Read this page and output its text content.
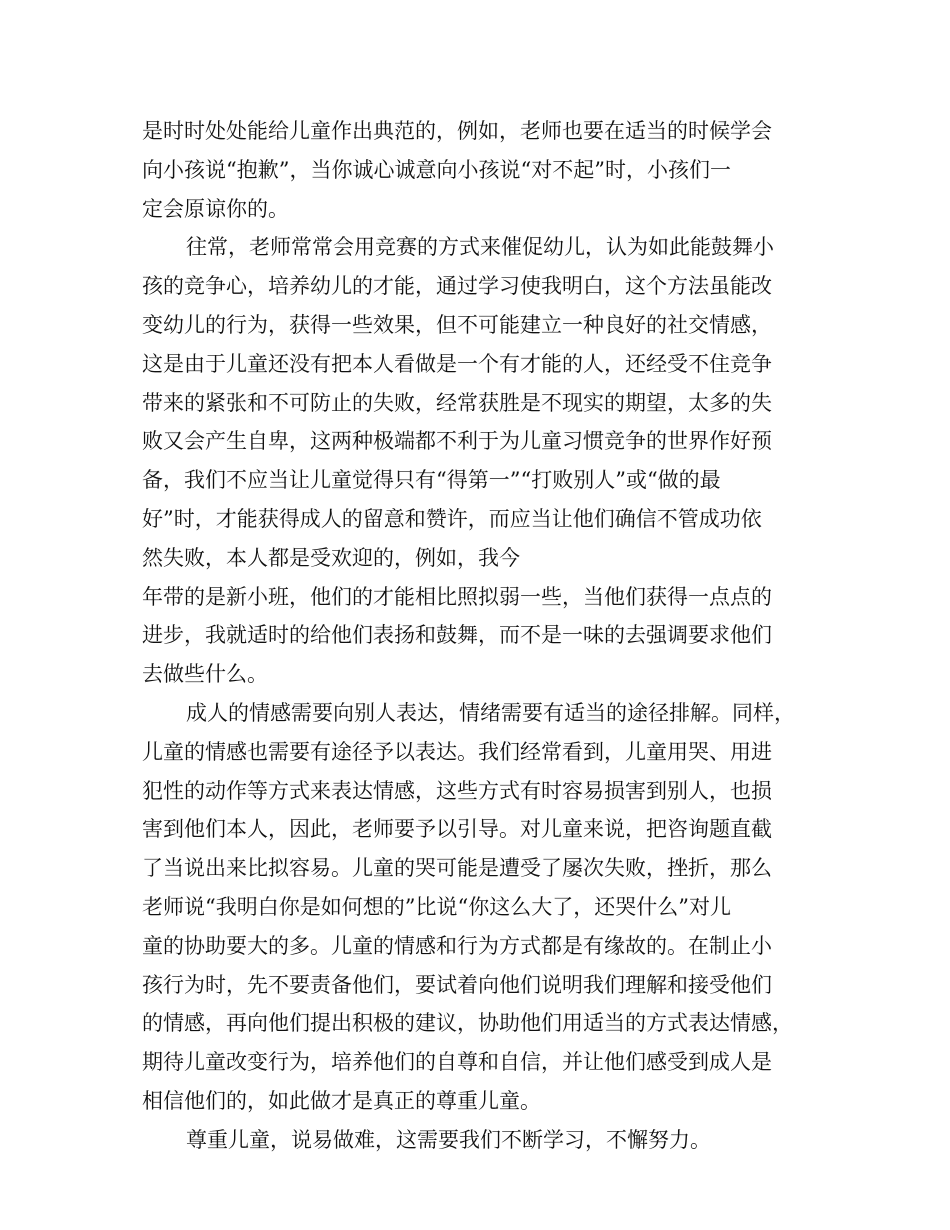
是时时处处能给儿童作出典范的，例如，老师也要在适当的时候学会
向小孩说“抱歉”，当你诚心诚意向小孩说“对不起”时，小孩们一
定会原谅你的。
往常，老师常常会用竞赛的方式来催促幼儿，认为如此能鼓舞小
孩的竞争心，培养幼儿的才能，通过学习使我明白，这个方法虽能改
变幼儿的行为，获得一些效果，但不可能建立一种良好的社交情感，
这是由于儿童还没有把本人看做是一个有才能的人，还经受不住竞争
带来的紧张和不可防止的失败，经常获胜是不现实的期望，太多的失
败又会产生自卑，这两种极端都不利于为儿童习惯竞争的世界作好预
备，我们不应当让儿童觉得只有“得第一”“打败别人”或“做的最
好”时，才能获得成人的留意和赞许，而应当让他们确信不管成功依
然失败，本人都是受欢迎的，例如，我今
年带的是新小班，他们的才能相比照拟弱一些，当他们获得一点点的
进步，我就适时的给他们表扬和鼓舞，而不是一味的去强调要求他们
去做些什么。
成人的情感需要向别人表达，情绪需要有适当的途径排解。同样，
儿童的情感也需要有途径予以表达。我们经常看到，儿童用哭、用进
犯性的动作等方式来表达情感，这些方式有时容易损害到别人，也损
害到他们本人，因此，老师要予以引导。对儿童来说，把咨询题直截
了当说出来比拟容易。儿童的哭可能是遭受了屡次失败，挫折，那么
老师说“我明白你是如何想的”比说“你这么大了，还哭什么”对儿
童的协助要大的多。儿童的情感和行为方式都是有缘故的。在制止小
孩行为时，先不要责备他们，要试着向他们说明我们理解和接受他们
的情感，再向他们提出积极的建议，协助他们用适当的方式表达情感，
期待儿童改变行为，培养他们的自尊和自信，并让他们感受到成人是
相信他们的，如此做才是真正的尊重儿童。
尊重儿童，说易做难，这需要我们不断学习，不懈努力。
